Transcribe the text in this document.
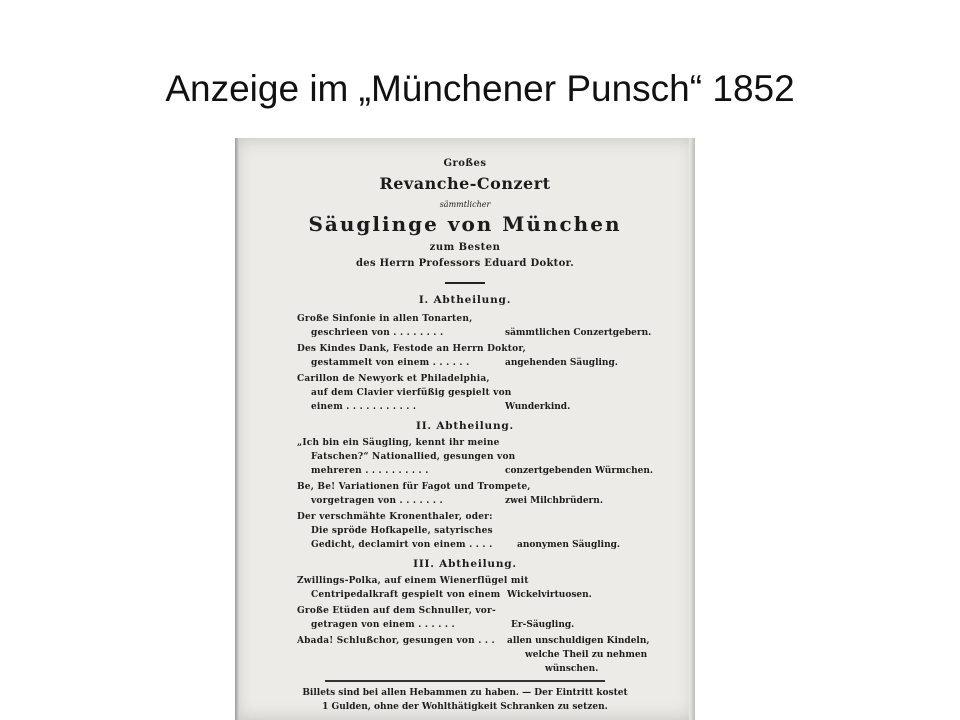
Anzeige im „Münchener Punsch“ 1852
Großes
Revanche-Conzert
sämmtlicher
Säuglinge von München
zum Besten
des Herrn Professors Eduard Doktor.
I. Abtheilung.
Große Sinfonie in allen Tonarten,
geschrieen von . . . . . . . .	sämmtlichen Conzertgebern.
Des Kindes Dank, Festode an Herrn Doktor,
gestammelt von einem . . . . . .	angehenden Säugling.
Carillon de Newyork et Philadelphia,
auf dem Clavier vierfüßig gespielt von
einem . . . . . . . . . . .	Wunderkind.
II. Abtheilung.
„Ich bin ein Säugling, kennt ihr meine
Fatschen?“ Nationallied, gesungen von
mehreren . . . . . . . . . .	conzertgebenden Würmchen.
Be, Be! Variationen für Fagot und Trompete,
vorgetragen von . . . . . . .	zwei Milchbrüdern.
Der verschmähte Kronenthaler, oder:
Die spröde Hofkapelle, satyrisches
Gedicht, declamirt von einem . . . .	anonymen Säugling.
III. Abtheilung.
Zwillings-Polka, auf einem Wienerflügel mit
Centripedalkraft gespielt von einem Wickelvirtuosen.
Große Etüden auf dem Schnuller, vor-
getragen von einem . . . . . .	Er-Säugling.
Abada! Schlußchor, gesungen von . . . allen unschuldigen Kindeln,
welche Theil zu nehmen
wünschen.
Billets sind bei allen Hebammen zu haben. — Der Eintritt kostet
1 Gulden, ohne der Wohlthätigkeit Schranken zu setzen.
